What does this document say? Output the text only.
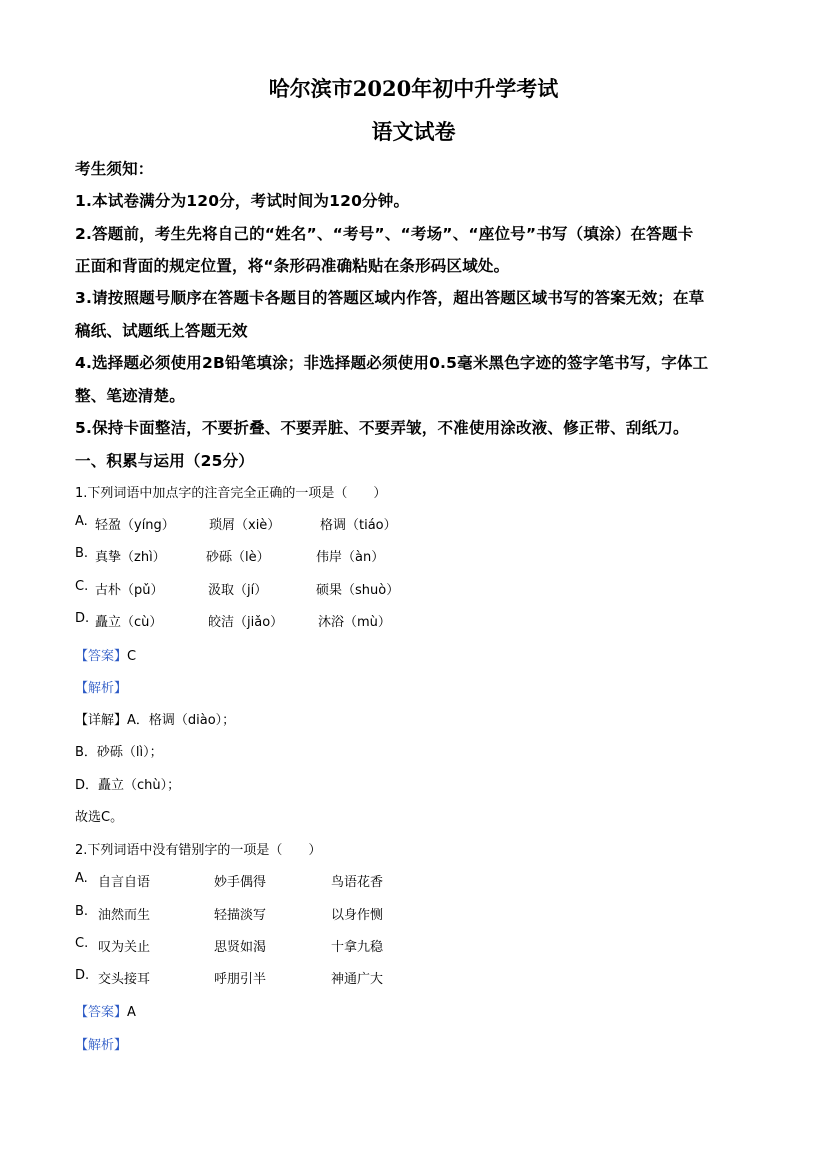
哈尔滨市2020年初中升学考试
语文试卷
考生须知：
1.本试卷满分为120分，考试时间为120分钟。
2.答题前，考生先将自己的“姓名”、“考号”、“考场”、“座位号”书写（填涂）在答题卡
正面和背面的规定位置，将“条形码准确粘贴在条形码区域处。
3.请按照题号顺序在答题卡各题目的答题区域内作答，超出答题区域书写的答案无效；在草
稿纸、试题纸上答题无效
4.选择题必须使用2B铅笔填涂；非选择题必须使用0.5毫米黑色字迹的签字笔书写，字体工
整、笔迹清楚。
5.保持卡面整洁，不要折叠、不要弄脏、不要弄皱，不准使用涂改液、修正带、刮纸刀。
一、积累与运用（25分）
1.下列词语中加点字的注音完全正确的一项是（　　）
A. 轻盈（yíng）	琐屑（xiè）	格调（tiáo）
B. 真挚（zhì）	砂砾（lè）	伟岸（àn）
C. 古朴（pǔ）	汲取（jí）	硕果（shuò）
D. 矗立（cù）	皎洁（jiǎo）	沐浴（mù）
【答案】C
【解析】
【详解】A．格调（diào）；
B．砂砾（lì）；
D．矗立（chù）；
故选C。
2.下列词语中没有错别字的一项是（　　）
A. 自言自语	妙手偶得	鸟语花香
B. 油然而生	轻描淡写	以身作恻
C. 叹为关止	思贤如渴	十拿九稳
D. 交头接耳	呼朋引半	神通广大
【答案】A
【解析】
